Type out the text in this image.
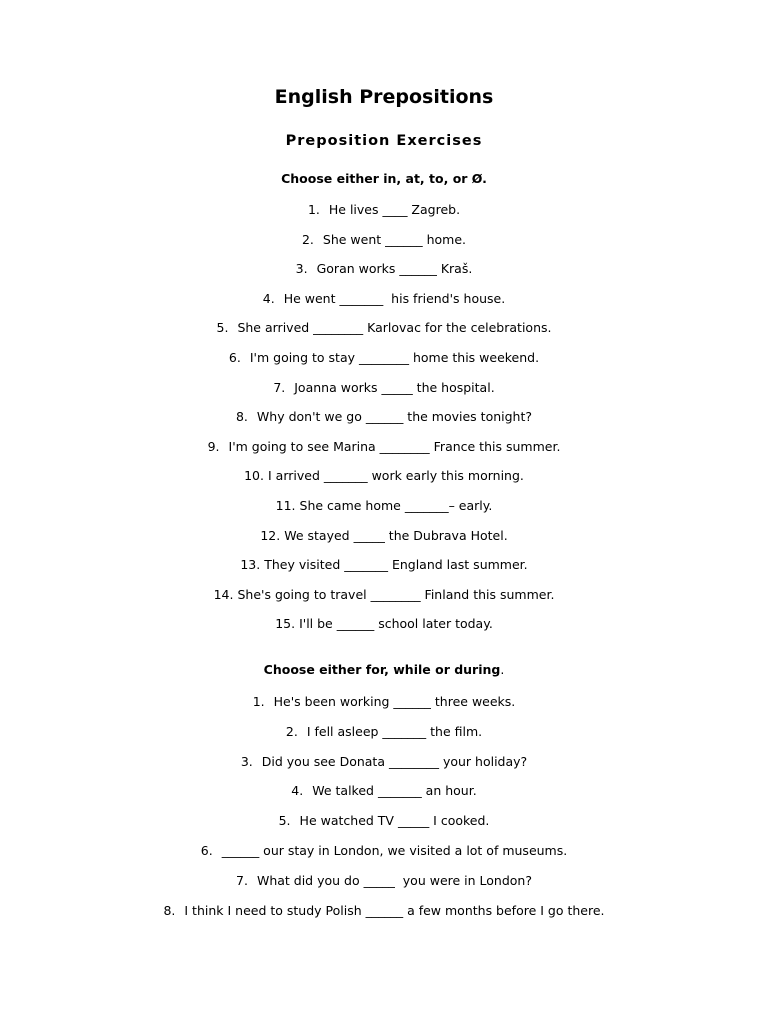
English Prepositions
Preposition Exercises
Choose either in, at, to, or Ø.
1. He lives ____ Zagreb.
2. She went ______ home.
3. Goran works ______ Kraš.
4. He went _______  his friend's house.
5. She arrived ________ Karlovac for the celebrations.
6. I'm going to stay ________ home this weekend.
7. Joanna works _____ the hospital.
8. Why don't we go ______ the movies tonight?
9. I'm going to see Marina ________ France this summer.
10. I arrived _______ work early this morning.
11. She came home _______– early.
12. We stayed _____ the Dubrava Hotel.
13. They visited _______ England last summer.
14. She's going to travel ________ Finland this summer.
15. I'll be ______ school later today.
Choose either for, while or during.
1. He's been working ______ three weeks.
2. I fell asleep _______ the film.
3. Did you see Donata ________ your holiday?
4. We talked _______ an hour.
5. He watched TV _____ I cooked.
6. ______ our stay in London, we visited a lot of museums.
7. What did you do _____  you were in London?
8. I think I need to study Polish ______ a few months before I go there.
